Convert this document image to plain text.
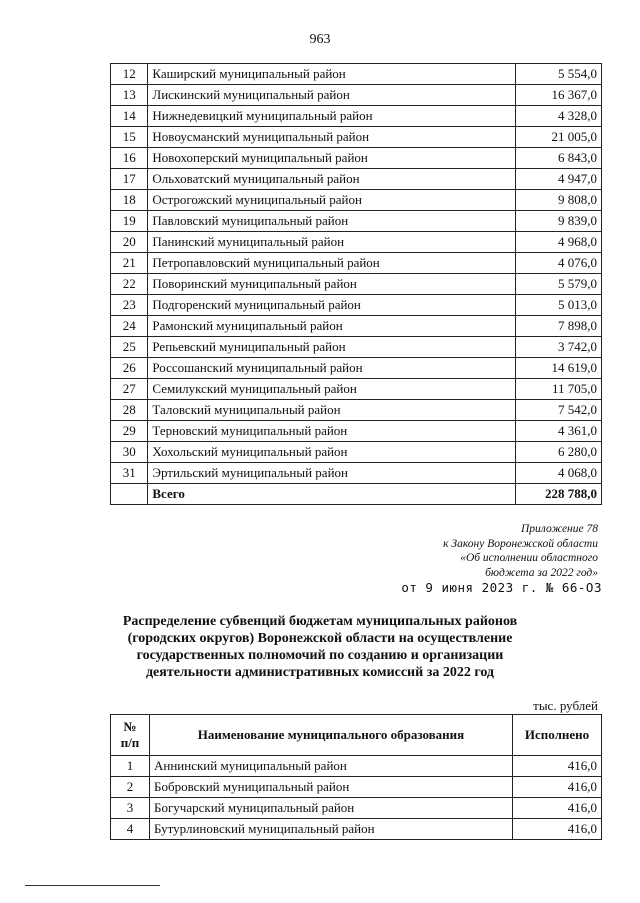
963
12	Каширский муниципальный район	5 554,0
13	Лискинский муниципальный район	16 367,0
14	Нижнедевицкий муниципальный район	4 328,0
15	Новоусманский муниципальный район	21 005,0
16	Новохоперский муниципальный район	6 843,0
17	Ольховатский муниципальный район	4 947,0
18	Острогожский муниципальный район	9 808,0
19	Павловский муниципальный район	9 839,0
20	Панинский муниципальный район	4 968,0
21	Петропавловский муниципальный район	4 076,0
22	Поворинский муниципальный район	5 579,0
23	Подгоренский муниципальный район	5 013,0
24	Рамонский муниципальный район	7 898,0
25	Репьевский муниципальный район	3 742,0
26	Россошанский муниципальный район	14 619,0
27	Семилукский муниципальный район	11 705,0
28	Таловский муниципальный район	7 542,0
29	Терновский муниципальный район	4 361,0
30	Хохольский муниципальный район	6 280,0
31	Эртильский муниципальный район	4 068,0
	Всего	228 788,0
Приложение 78
к Закону Воронежской области
«Об исполнении областного
бюджета за 2022 год»
от 9 июня 2023 г. № 66-ОЗ
Распределение субвенций бюджетам муниципальных районов
(городских округов) Воронежской области на осуществление
государственных полномочий по созданию и организации
деятельности административных комиссий за 2022 год
тыс. рублей
№
п/п	Наименование муниципального образования	Исполнено
1	Аннинский муниципальный район	416,0
2	Бобровский муниципальный район	416,0
3	Богучарский муниципальный район	416,0
4	Бутурлиновский муниципальный район	416,0
